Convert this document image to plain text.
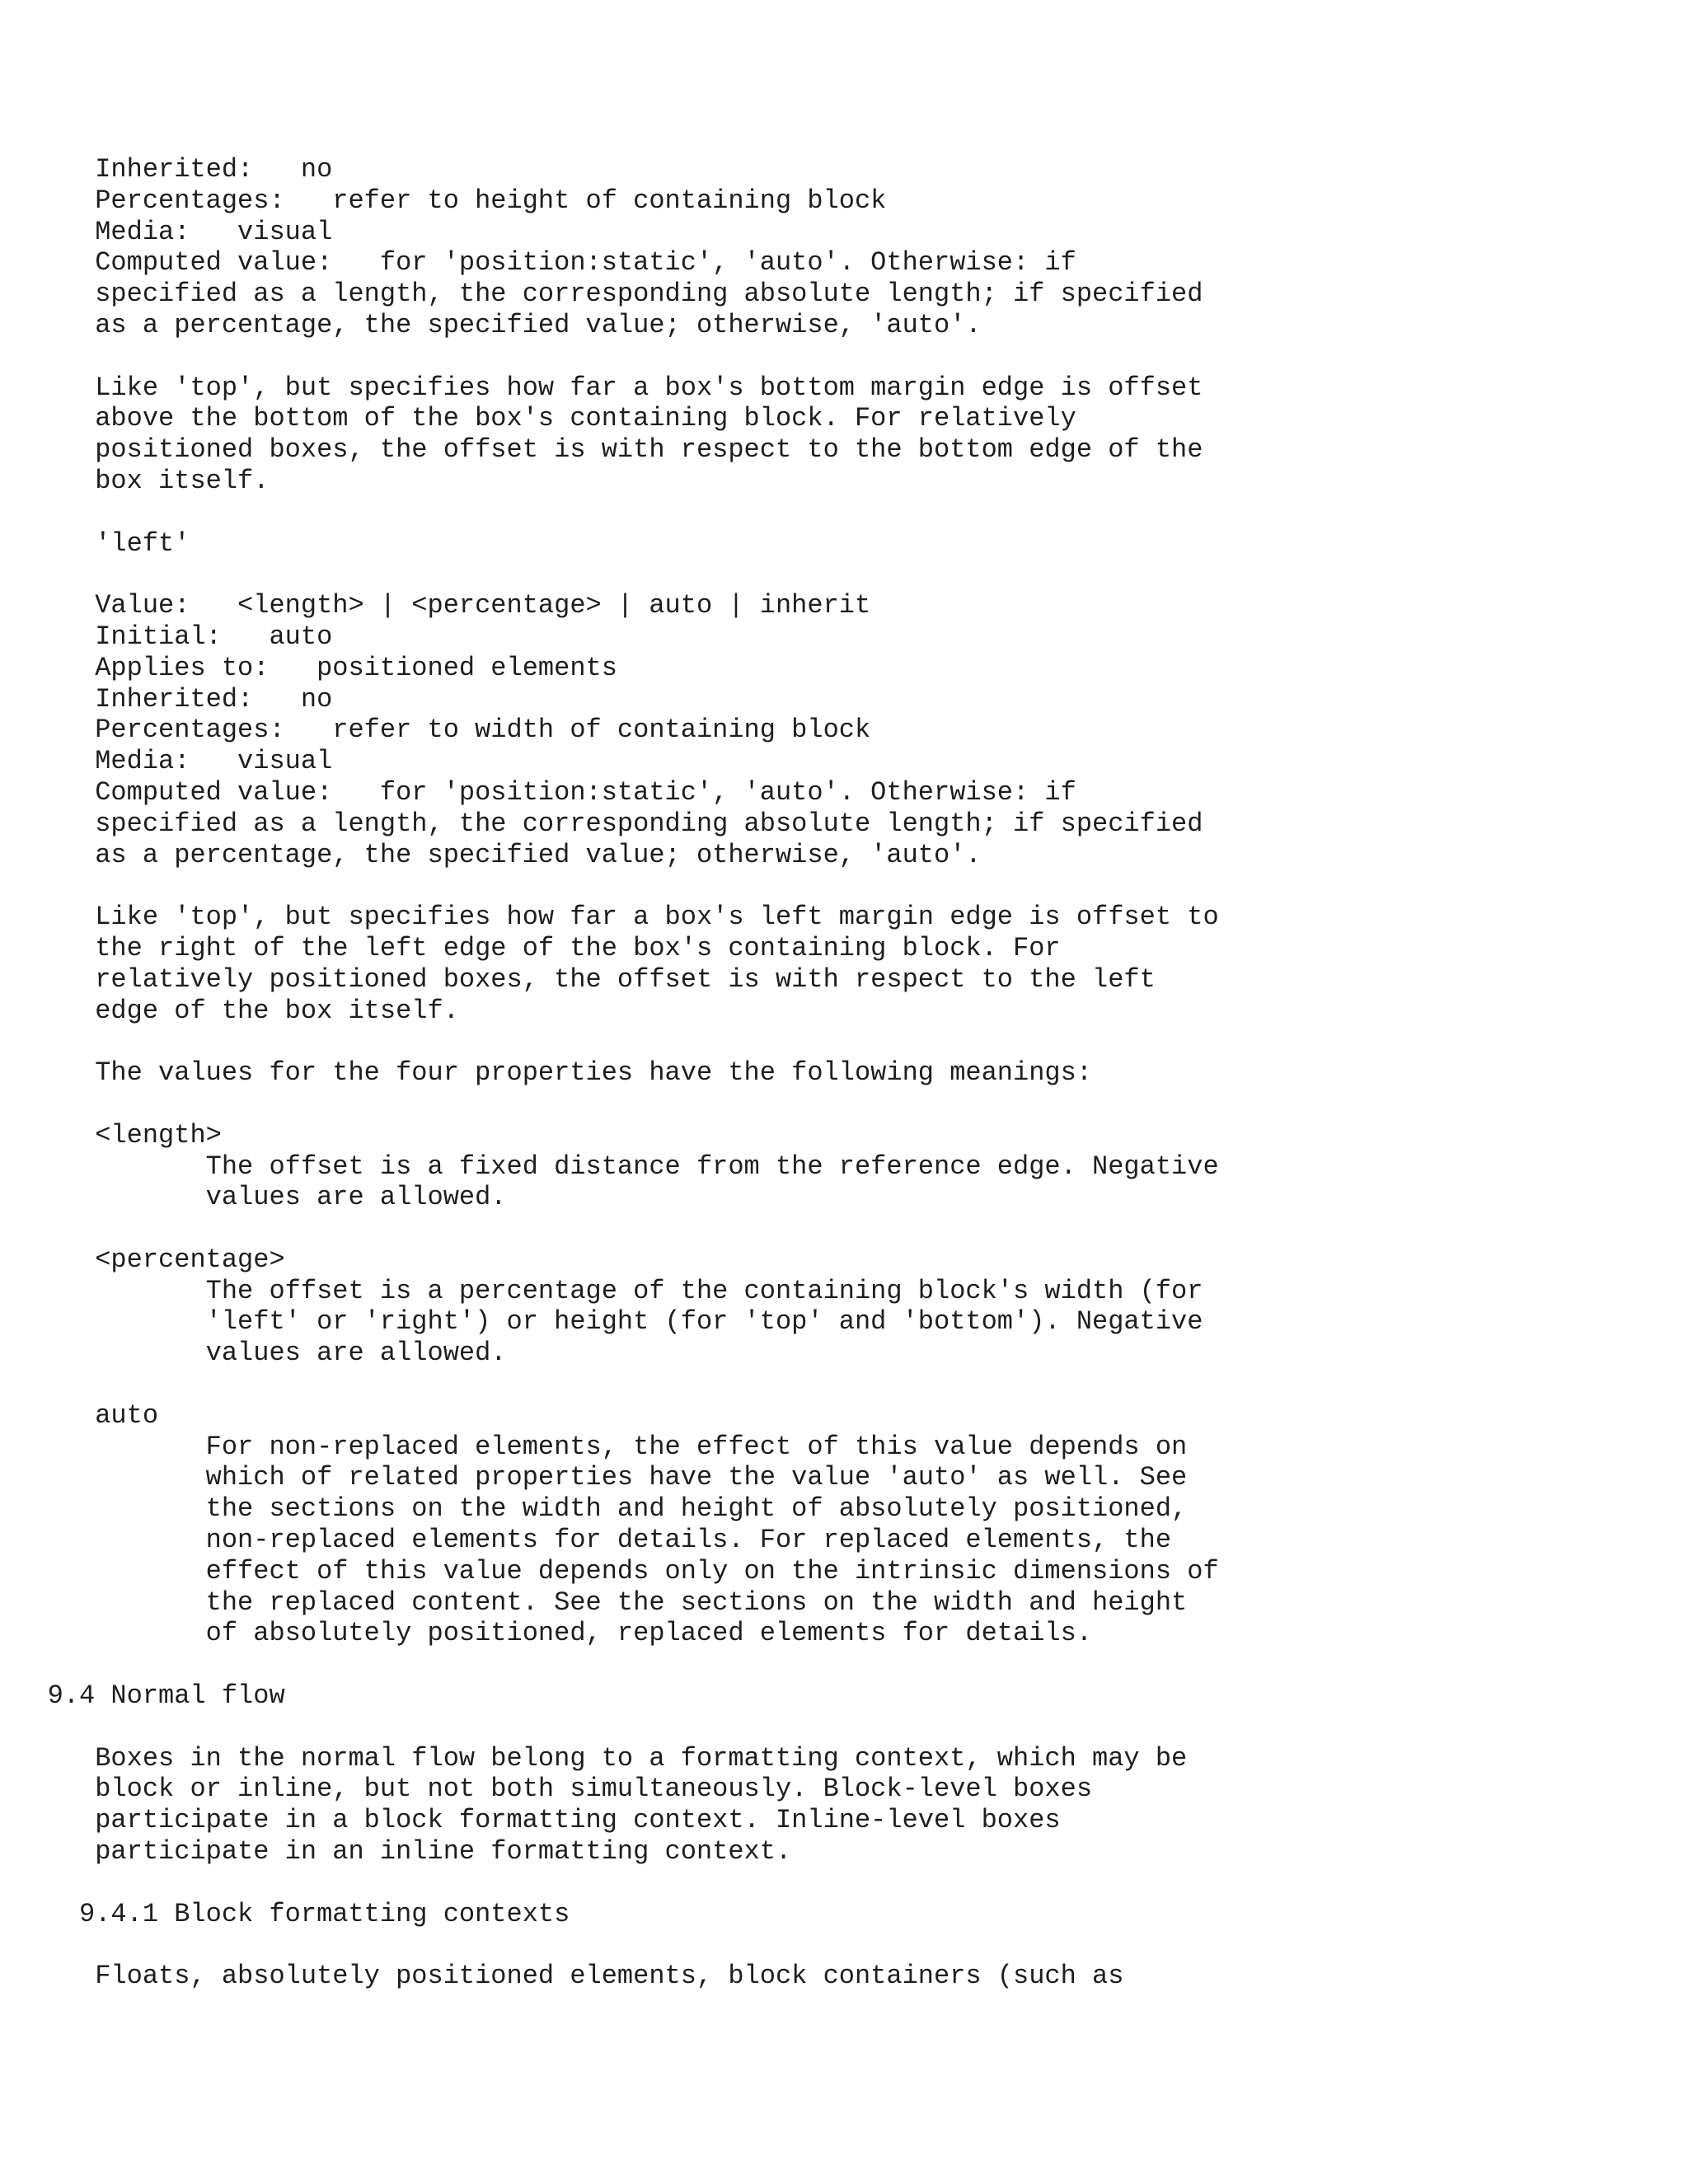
Inherited:   no
Percentages:   refer to height of containing block
Media:   visual
Computed value:   for 'position:static', 'auto'. Otherwise: if
specified as a length, the corresponding absolute length; if specified
as a percentage, the specified value; otherwise, 'auto'.
Like 'top', but specifies how far a box's bottom margin edge is offset
above the bottom of the box's containing block. For relatively
positioned boxes, the offset is with respect to the bottom edge of the
box itself.
'left'
Value:   <length> | <percentage> | auto | inherit
Initial:   auto
Applies to:   positioned elements
Inherited:   no
Percentages:   refer to width of containing block
Media:   visual
Computed value:   for 'position:static', 'auto'. Otherwise: if
specified as a length, the corresponding absolute length; if specified
as a percentage, the specified value; otherwise, 'auto'.
Like 'top', but specifies how far a box's left margin edge is offset to
the right of the left edge of the box's containing block. For
relatively positioned boxes, the offset is with respect to the left
edge of the box itself.
The values for the four properties have the following meanings:
<length>
The offset is a fixed distance from the reference edge. Negative
values are allowed.
<percentage>
The offset is a percentage of the containing block's width (for
'left' or 'right') or height (for 'top' and 'bottom'). Negative
values are allowed.
auto
For non-replaced elements, the effect of this value depends on
which of related properties have the value 'auto' as well. See
the sections on the width and height of absolutely positioned,
non-replaced elements for details. For replaced elements, the
effect of this value depends only on the intrinsic dimensions of
the replaced content. See the sections on the width and height
of absolutely positioned, replaced elements for details.
9.4 Normal flow
Boxes in the normal flow belong to a formatting context, which may be
block or inline, but not both simultaneously. Block-level boxes
participate in a block formatting context. Inline-level boxes
participate in an inline formatting context.
9.4.1 Block formatting contexts
Floats, absolutely positioned elements, block containers (such as
